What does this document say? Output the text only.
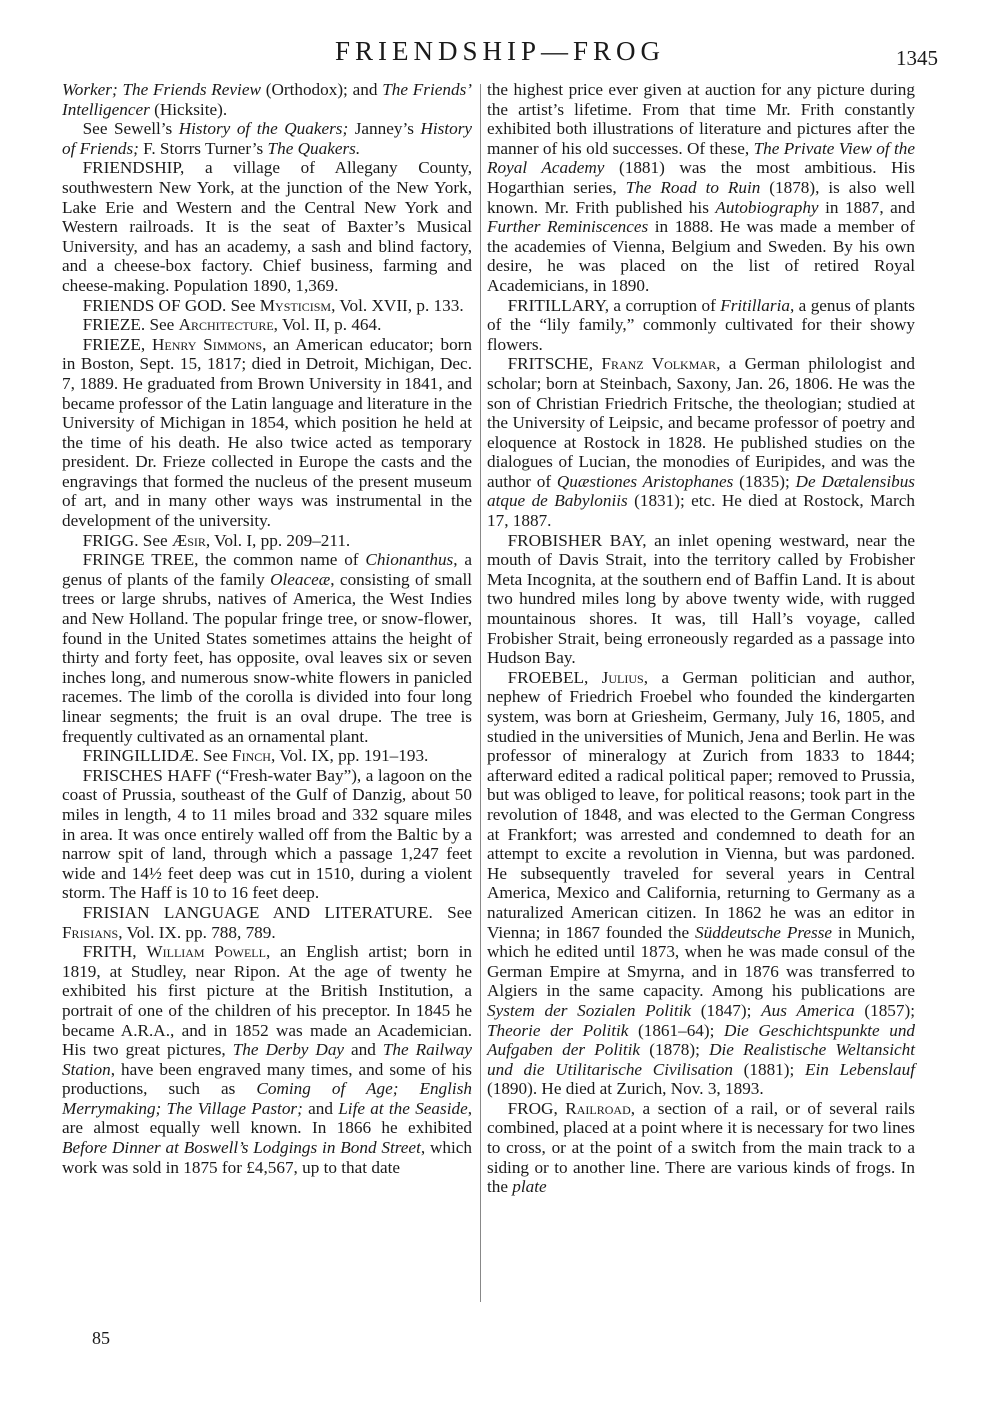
FRIENDSHIP—FROG	1345

Worker; The Friends Review (Orthodox); and The Friends’ Intelligencer (Hicksite).

See Sewell’s History of the Quakers; Janney’s History of Friends; F. Storrs Turner’s The Quakers.

FRIENDSHIP, a village of Allegany County, southwestern New York, at the junction of the New York, Lake Erie and Western and the Central New York and Western railroads. It is the seat of Baxter’s Musical University, and has an academy, a sash and blind factory, and a cheese-box factory. Chief business, farming and cheese-making. Population 1890, 1,369.

FRIENDS OF GOD. See Mysticism, Vol. XVII, p. 133.

FRIEZE. See Architecture, Vol. II, p. 464.

FRIEZE, Henry Simmons, an American educator; born in Boston, Sept. 15, 1817; died in Detroit, Michigan, Dec. 7, 1889. He graduated from Brown University in 1841, and became professor of the Latin language and literature in the University of Michigan in 1854, which position he held at the time of his death. He also twice acted as temporary president. Dr. Frieze collected in Europe the casts and the engravings that formed the nucleus of the present museum of art, and in many other ways was instrumental in the development of the university.

FRIGG. See Æsir, Vol. I, pp. 209–211.

FRINGE TREE, the common name of Chionanthus, a genus of plants of the family Oleaceæ, consisting of small trees or large shrubs, natives of America, the West Indies and New Holland. The popular fringe tree, or snow-flower, found in the United States sometimes attains the height of thirty and forty feet, has opposite, oval leaves six or seven inches long, and numerous snow-white flowers in panicled racemes. The limb of the corolla is divided into four long linear segments; the fruit is an oval drupe. The tree is frequently cultivated as an ornamental plant.

FRINGILLIDÆ. See Finch, Vol. IX, pp. 191–193.

FRISCHES HAFF (“Fresh-water Bay”), a lagoon on the coast of Prussia, southeast of the Gulf of Danzig, about 50 miles in length, 4 to 11 miles broad and 332 square miles in area. It was once entirely walled off from the Baltic by a narrow spit of land, through which a passage 1,247 feet wide and 14½ feet deep was cut in 1510, during a violent storm. The Haff is 10 to 16 feet deep.

FRISIAN LANGUAGE AND LITERATURE. See Frisians, Vol. IX. pp. 788, 789.

FRITH, William Powell, an English artist; born in 1819, at Studley, near Ripon. At the age of twenty he exhibited his first picture at the British Institution, a portrait of one of the children of his preceptor. In 1845 he became A.R.A., and in 1852 was made an Academician. His two great pictures, The Derby Day and The Railway Station, have been engraved many times, and some of his productions, such as Coming of Age; English Merrymaking; The Village Pastor; and Life at the Seaside, are almost equally well known. In 1866 he exhibited Before Dinner at Boswell’s Lodgings in Bond Street, which work was sold in 1875 for £4,567, up to that date

the highest price ever given at auction for any picture during the artist’s lifetime. From that time Mr. Frith constantly exhibited both illustrations of literature and pictures after the manner of his old successes. Of these, The Private View of the Royal Academy (1881) was the most ambitious. His Hogarthian series, The Road to Ruin (1878), is also well known. Mr. Frith published his Autobiography in 1887, and Further Reminiscences in 1888. He was made a member of the academies of Vienna, Belgium and Sweden. By his own desire, he was placed on the list of retired Royal Academicians, in 1890.

FRITILLARY, a corruption of Fritillaria, a genus of plants of the “lily family,” commonly cultivated for their showy flowers.

FRITSCHE, Franz Volkmar, a German philologist and scholar; born at Steinbach, Saxony, Jan. 26, 1806. He was the son of Christian Friedrich Fritsche, the theologian; studied at the University of Leipsic, and became professor of poetry and eloquence at Rostock in 1828. He published studies on the dialogues of Lucian, the monodies of Euripides, and was the author of Quæstiones Aristophanes (1835); De Dætalensibus atque de Babyloniis (1831); etc. He died at Rostock, March 17, 1887.

FROBISHER BAY, an inlet opening westward, near the mouth of Davis Strait, into the territory called by Frobisher Meta Incognita, at the southern end of Baffin Land. It is about two hundred miles long by above twenty wide, with rugged mountainous shores. It was, till Hall’s voyage, called Frobisher Strait, being erroneously regarded as a passage into Hudson Bay.

FROEBEL, Julius, a German politician and author, nephew of Friedrich Froebel who founded the kindergarten system, was born at Griesheim, Germany, July 16, 1805, and studied in the universities of Munich, Jena and Berlin. He was professor of mineralogy at Zurich from 1833 to 1844; afterward edited a radical political paper; removed to Prussia, but was obliged to leave, for political reasons; took part in the revolution of 1848, and was elected to the German Congress at Frankfort; was arrested and condemned to death for an attempt to excite a revolution in Vienna, but was pardoned. He subsequently traveled for several years in Central America, Mexico and California, returning to Germany as a naturalized American citizen. In 1862 he was an editor in Vienna; in 1867 founded the Süddeutsche Presse in Munich, which he edited until 1873, when he was made consul of the German Empire at Smyrna, and in 1876 was transferred to Algiers in the same capacity. Among his publications are System der Sozialen Politik (1847); Aus America (1857); Theorie der Politik (1861–64); Die Geschichtspunkte und Aufgaben der Politik (1878); Die Realistische Weltansicht und die Utilitarische Civilisation (1881); Ein Lebenslauf (1890). He died at Zurich, Nov. 3, 1893.

FROG, Railroad, a section of a rail, or of several rails combined, placed at a point where it is necessary for two lines to cross, or at the point of a switch from the main track to a siding or to another line. There are various kinds of frogs. In the plate

85
